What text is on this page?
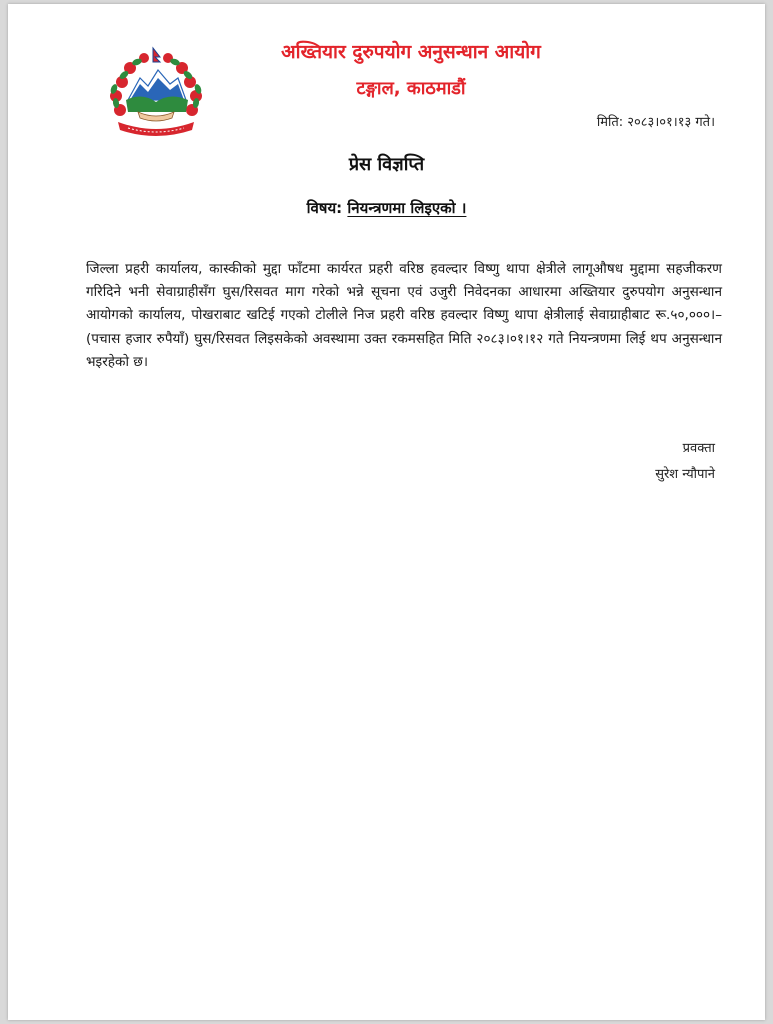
अख्तियार दुरुपयोग अनुसन्धान आयोग
टङ्गाल, काठमाडौं
मिति: २०८३।०१।१३ गते।
प्रेस विज्ञप्ति
विषय: नियन्त्रणमा लिइएको ।
जिल्ला प्रहरी कार्यालय, कास्कीको मुद्दा फाँटमा कार्यरत प्रहरी वरिष्ठ हवल्दार विष्णु थापा क्षेत्रीले लागूऔषध मुद्दामा सहजीकरण गरिदिने भनी सेवाग्राहीसँग घुस/रिसवत माग गरेको भन्ने सूचना एवं उजुरी निवेदनका आधारमा अख्तियार दुरुपयोग अनुसन्धान आयोगको कार्यालय, पोखराबाट खटिई गएको टोलीले निज प्रहरी वरिष्ठ हवल्दार विष्णु थापा क्षेत्रीलाई सेवाग्राहीबाट रू.५०,०००।– (पचास हजार रुपैयाँ) घुस/रिसवत लिइसकेको अवस्थामा उक्त रकमसहित मिति २०८३।०१।१२ गते नियन्त्रणमा लिई थप अनुसन्धान भइरहेको छ।
प्रवक्ता
सुरेश न्यौपाने
